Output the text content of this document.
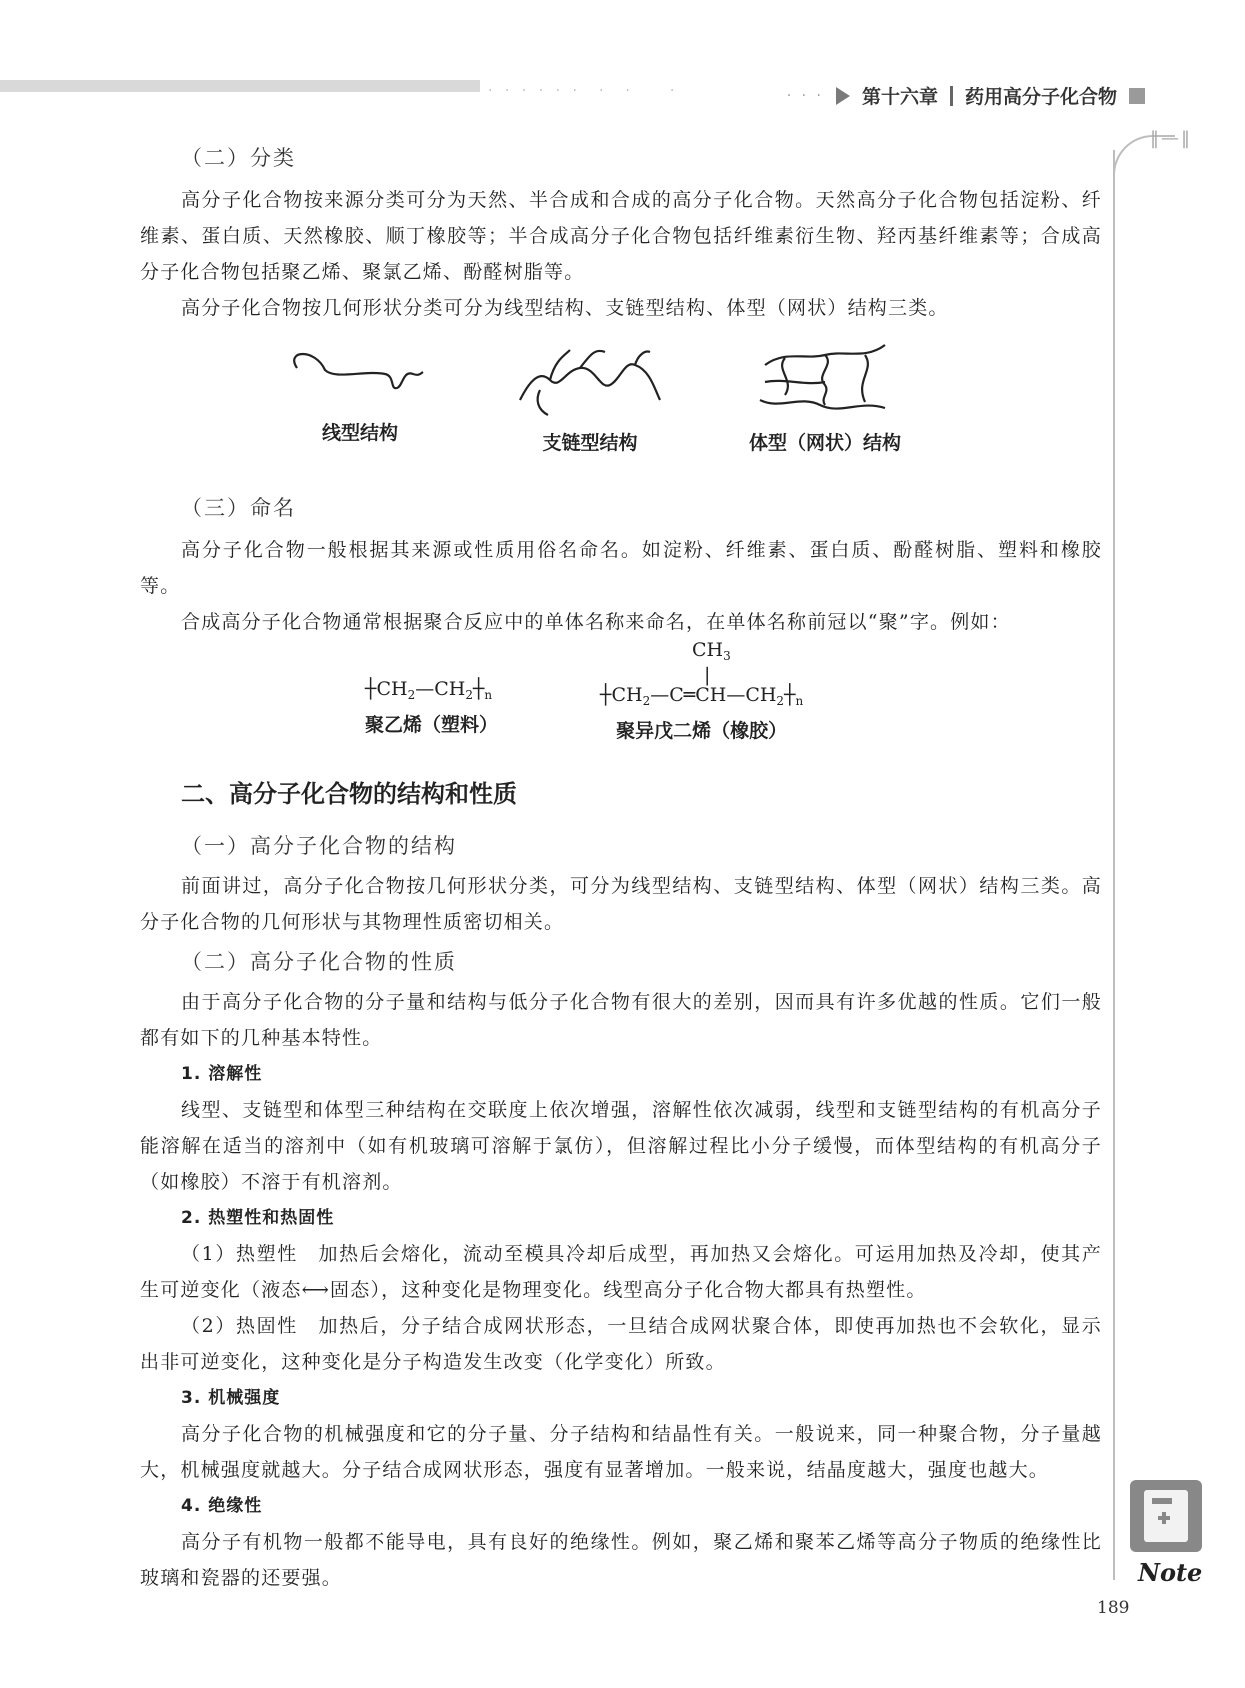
· · · · · ·　·　·　　·	· · · 第十六章 药用高分子化合物
‖—‖

（二）分类

高分子化合物按来源分类可分为天然、半合成和合成的高分子化合物。天然高分子化合物包括淀粉、纤维素、蛋白质、天然橡胶、顺丁橡胶等；半合成高分子化合物包括纤维素衍生物、羟丙基纤维素等；合成高分子化合物包括聚乙烯、聚氯乙烯、酚醛树脂等。

高分子化合物按几何形状分类可分为线型结构、支链型结构、体型（网状）结构三类。

线型结构	支链型结构	体型（网状）结构

（三）命名

高分子化合物一般根据其来源或性质用俗名命名。如淀粉、纤维素、蛋白质、酚醛树脂、塑料和橡胶等。

合成高分子化合物通常根据聚合反应中的单体名称来命名，在单体名称前冠以“聚”字。例如：

$┼CH_2—CH_2┼_n$
聚乙烯（塑料）
$CH_3$
|
$┼CH_2—C═CH—CH_2┼_n$
聚异戊二烯（橡胶）

二、高分子化合物的结构和性质

（一）高分子化合物的结构

前面讲过，高分子化合物按几何形状分类，可分为线型结构、支链型结构、体型（网状）结构三类。高分子化合物的几何形状与其物理性质密切相关。

（二）高分子化合物的性质

由于高分子化合物的分子量和结构与低分子化合物有很大的差别，因而具有许多优越的性质。它们一般都有如下的几种基本特性。

1. 溶解性

线型、支链型和体型三种结构在交联度上依次增强，溶解性依次减弱，线型和支链型结构的有机高分子能溶解在适当的溶剂中（如有机玻璃可溶解于氯仿），但溶解过程比小分子缓慢，而体型结构的有机高分子（如橡胶）不溶于有机溶剂。

2. 热塑性和热固性

（1）热塑性　加热后会熔化，流动至模具冷却后成型，再加热又会熔化。可运用加热及冷却，使其产生可逆变化（液态⟷固态），这种变化是物理变化。线型高分子化合物大都具有热塑性。

（2）热固性　加热后，分子结合成网状形态，一旦结合成网状聚合体，即使再加热也不会软化，显示出非可逆变化，这种变化是分子构造发生改变（化学变化）所致。

3. 机械强度

高分子化合物的机械强度和它的分子量、分子结构和结晶性有关。一般说来，同一种聚合物，分子量越大，机械强度就越大。分子结合成网状形态，强度有显著增加。一般来说，结晶度越大，强度也越大。

4. 绝缘性

高分子有机物一般都不能导电，具有良好的绝缘性。例如，聚乙烯和聚苯乙烯等高分子物质的绝缘性比玻璃和瓷器的还要强。	Note
189
